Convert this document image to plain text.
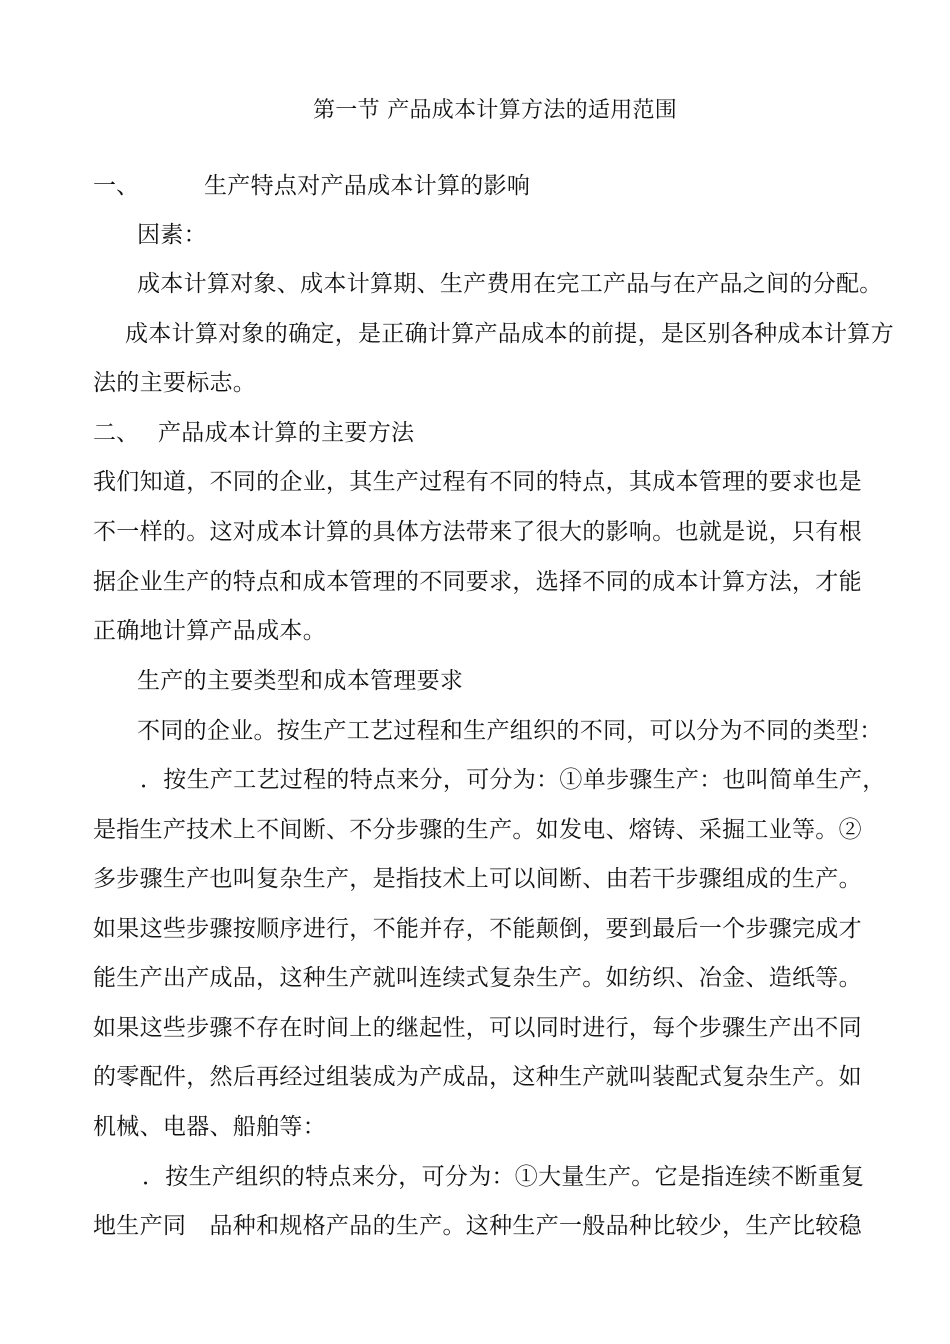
第一节 产品成本计算方法的适用范围
一、	生产特点对产品成本计算的影响
因素：
成本计算对象、成本计算期、生产费用在完工产品与在产品之间的分配。
成本计算对象的确定，是正确计算产品成本的前提，是区别各种成本计算方
法的主要标志。
二、 产品成本计算的主要方法
我们知道，不同的企业，其生产过程有不同的特点，其成本管理的要求也是
不一样的。这对成本计算的具体方法带来了很大的影响。也就是说，只有根
据企业生产的特点和成本管理的不同要求，选择不同的成本计算方法，才能
正确地计算产品成本。
生产的主要类型和成本管理要求
不同的企业。按生产工艺过程和生产组织的不同，可以分为不同的类型：
．按生产工艺过程的特点来分，可分为：①单步骤生产：也叫简单生产，
是指生产技术上不间断、不分步骤的生产。如发电、熔铸、采掘工业等。②
多步骤生产也叫复杂生产，是指技术上可以间断、由若干步骤组成的生产。
如果这些步骤按顺序进行，不能并存，不能颠倒，要到最后一个步骤完成才
能生产出产成品，这种生产就叫连续式复杂生产。如纺织、冶金、造纸等。
如果这些步骤不存在时间上的继起性，可以同时进行，每个步骤生产出不同
的零配件，然后再经过组装成为产成品，这种生产就叫装配式复杂生产。如
机械、电器、船舶等：
．按生产组织的特点来分，可分为：①大量生产。它是指连续不断重复
地生产同　品种和规格产品的生产。这种生产一般品种比较少，生产比较稳
